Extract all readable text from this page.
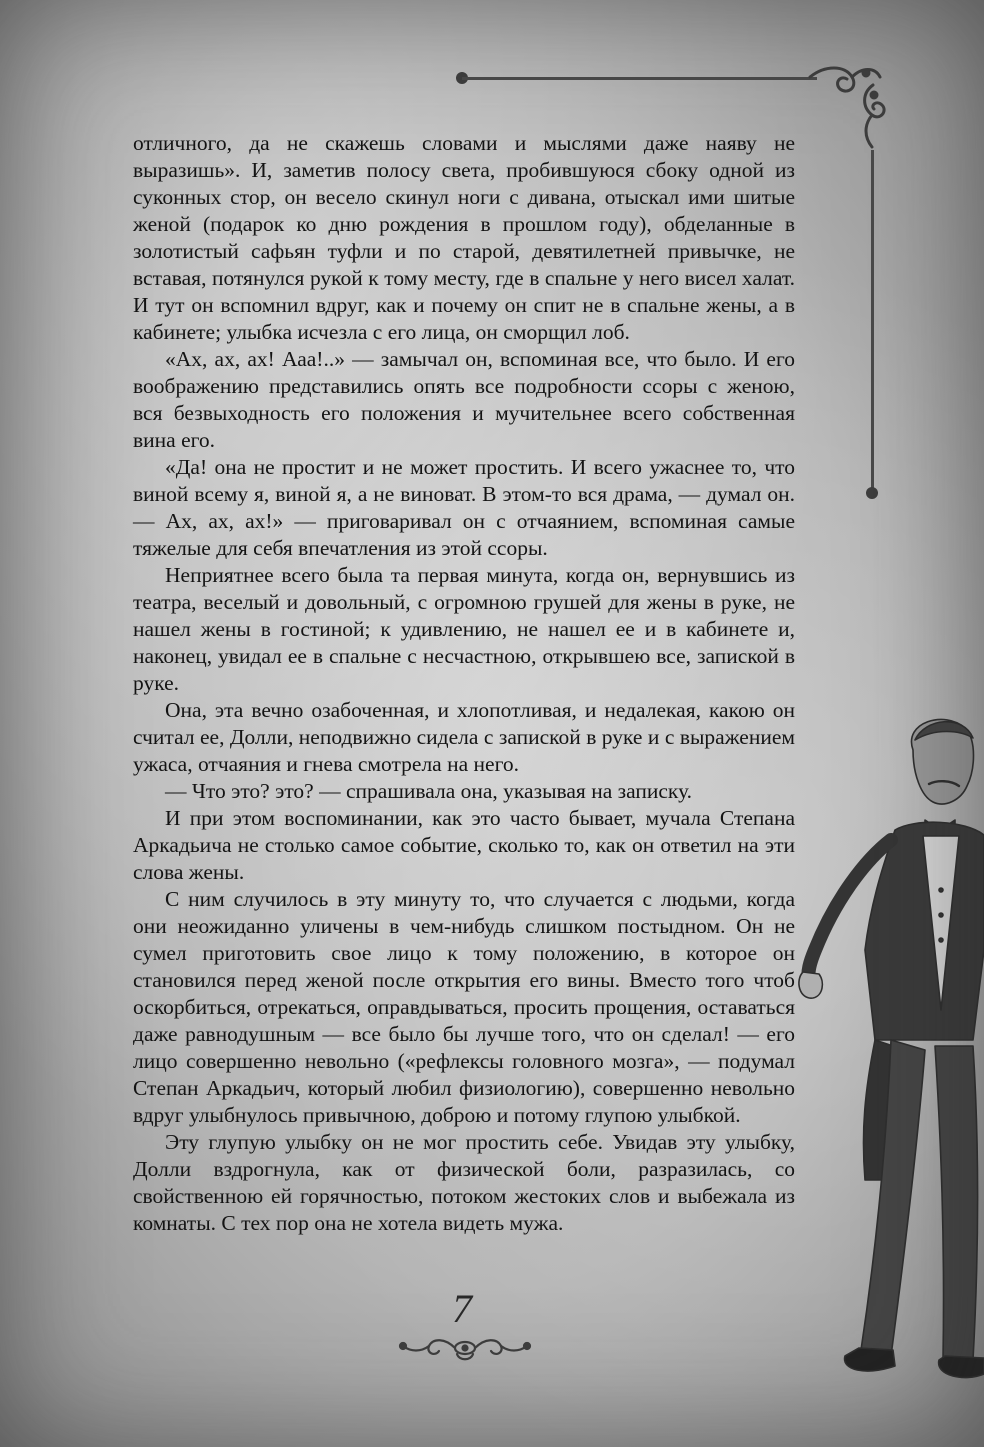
отличного, да не скажешь словами и мыслями даже наяву не выразишь». И, заметив полосу света, пробившуюся сбоку одной из суконных стор, он весело скинул ноги с дивана, отыскал ими шитые женой (подарок ко дню рождения в прошлом году), обделанные в золотистый сафьян туфли и по старой, девятилетней привычке, не вставая, потянулся рукой к тому месту, где в спальне у него висел халат. И тут он вспомнил вдруг, как и почему он спит не в спальне жены, а в кабинете; улыбка исчезла с его лица, он сморщил лоб.

«Ах, ах, ах! Ааа!..» — замычал он, вспоминая все, что было. И его воображению представились опять все подробности ссоры с женою, вся безвыходность его положения и мучительнее всего собственная вина его.

«Да! она не простит и не может простить. И всего ужаснее то, что виной всему я, виной я, а не виноват. В этом-то вся драма, — думал он. — Ах, ах, ах!» — приговаривал он с отчаянием, вспоминая самые тяжелые для себя впечатления из этой ссоры.

Неприятнее всего была та первая минута, когда он, вернувшись из театра, веселый и довольный, с огромною грушей для жены в руке, не нашел жены в гостиной; к удивлению, не нашел ее и в кабинете и, наконец, увидал ее в спальне с несчастною, открывшею все, запиской в руке.

Она, эта вечно озабоченная, и хлопотливая, и недалекая, какою он считал ее, Долли, неподвижно сидела с запиской в руке и с выражением ужаса, отчаяния и гнева смотрела на него.

— Что это? это? — спрашивала она, указывая на записку.

И при этом воспоминании, как это часто бывает, мучала Степана Аркадьича не столько самое событие, сколько то, как он ответил на эти слова жены.

С ним случилось в эту минуту то, что случается с людьми, когда они неожиданно уличены в чем-нибудь слишком постыдном. Он не сумел приготовить свое лицо к тому положению, в которое он становился перед женой после открытия его вины. Вместо того чтоб оскорбиться, отрекаться, оправдываться, просить прощения, оставаться даже равнодушным — все было бы лучше того, что он сделал! — его лицо совершенно невольно («рефлексы головного мозга», — подумал Степан Аркадьич, который любил физиологию), совершенно невольно вдруг улыбнулось привычною, доброю и потому глупою улыбкой.

Эту глупую улыбку он не мог простить себе. Увидав эту улыбку, Долли вздрогнула, как от физической боли, разразилась, со свойственною ей горячностью, потоком жестоких слов и выбежала из комнаты. С тех пор она не хотела видеть мужа.

7
